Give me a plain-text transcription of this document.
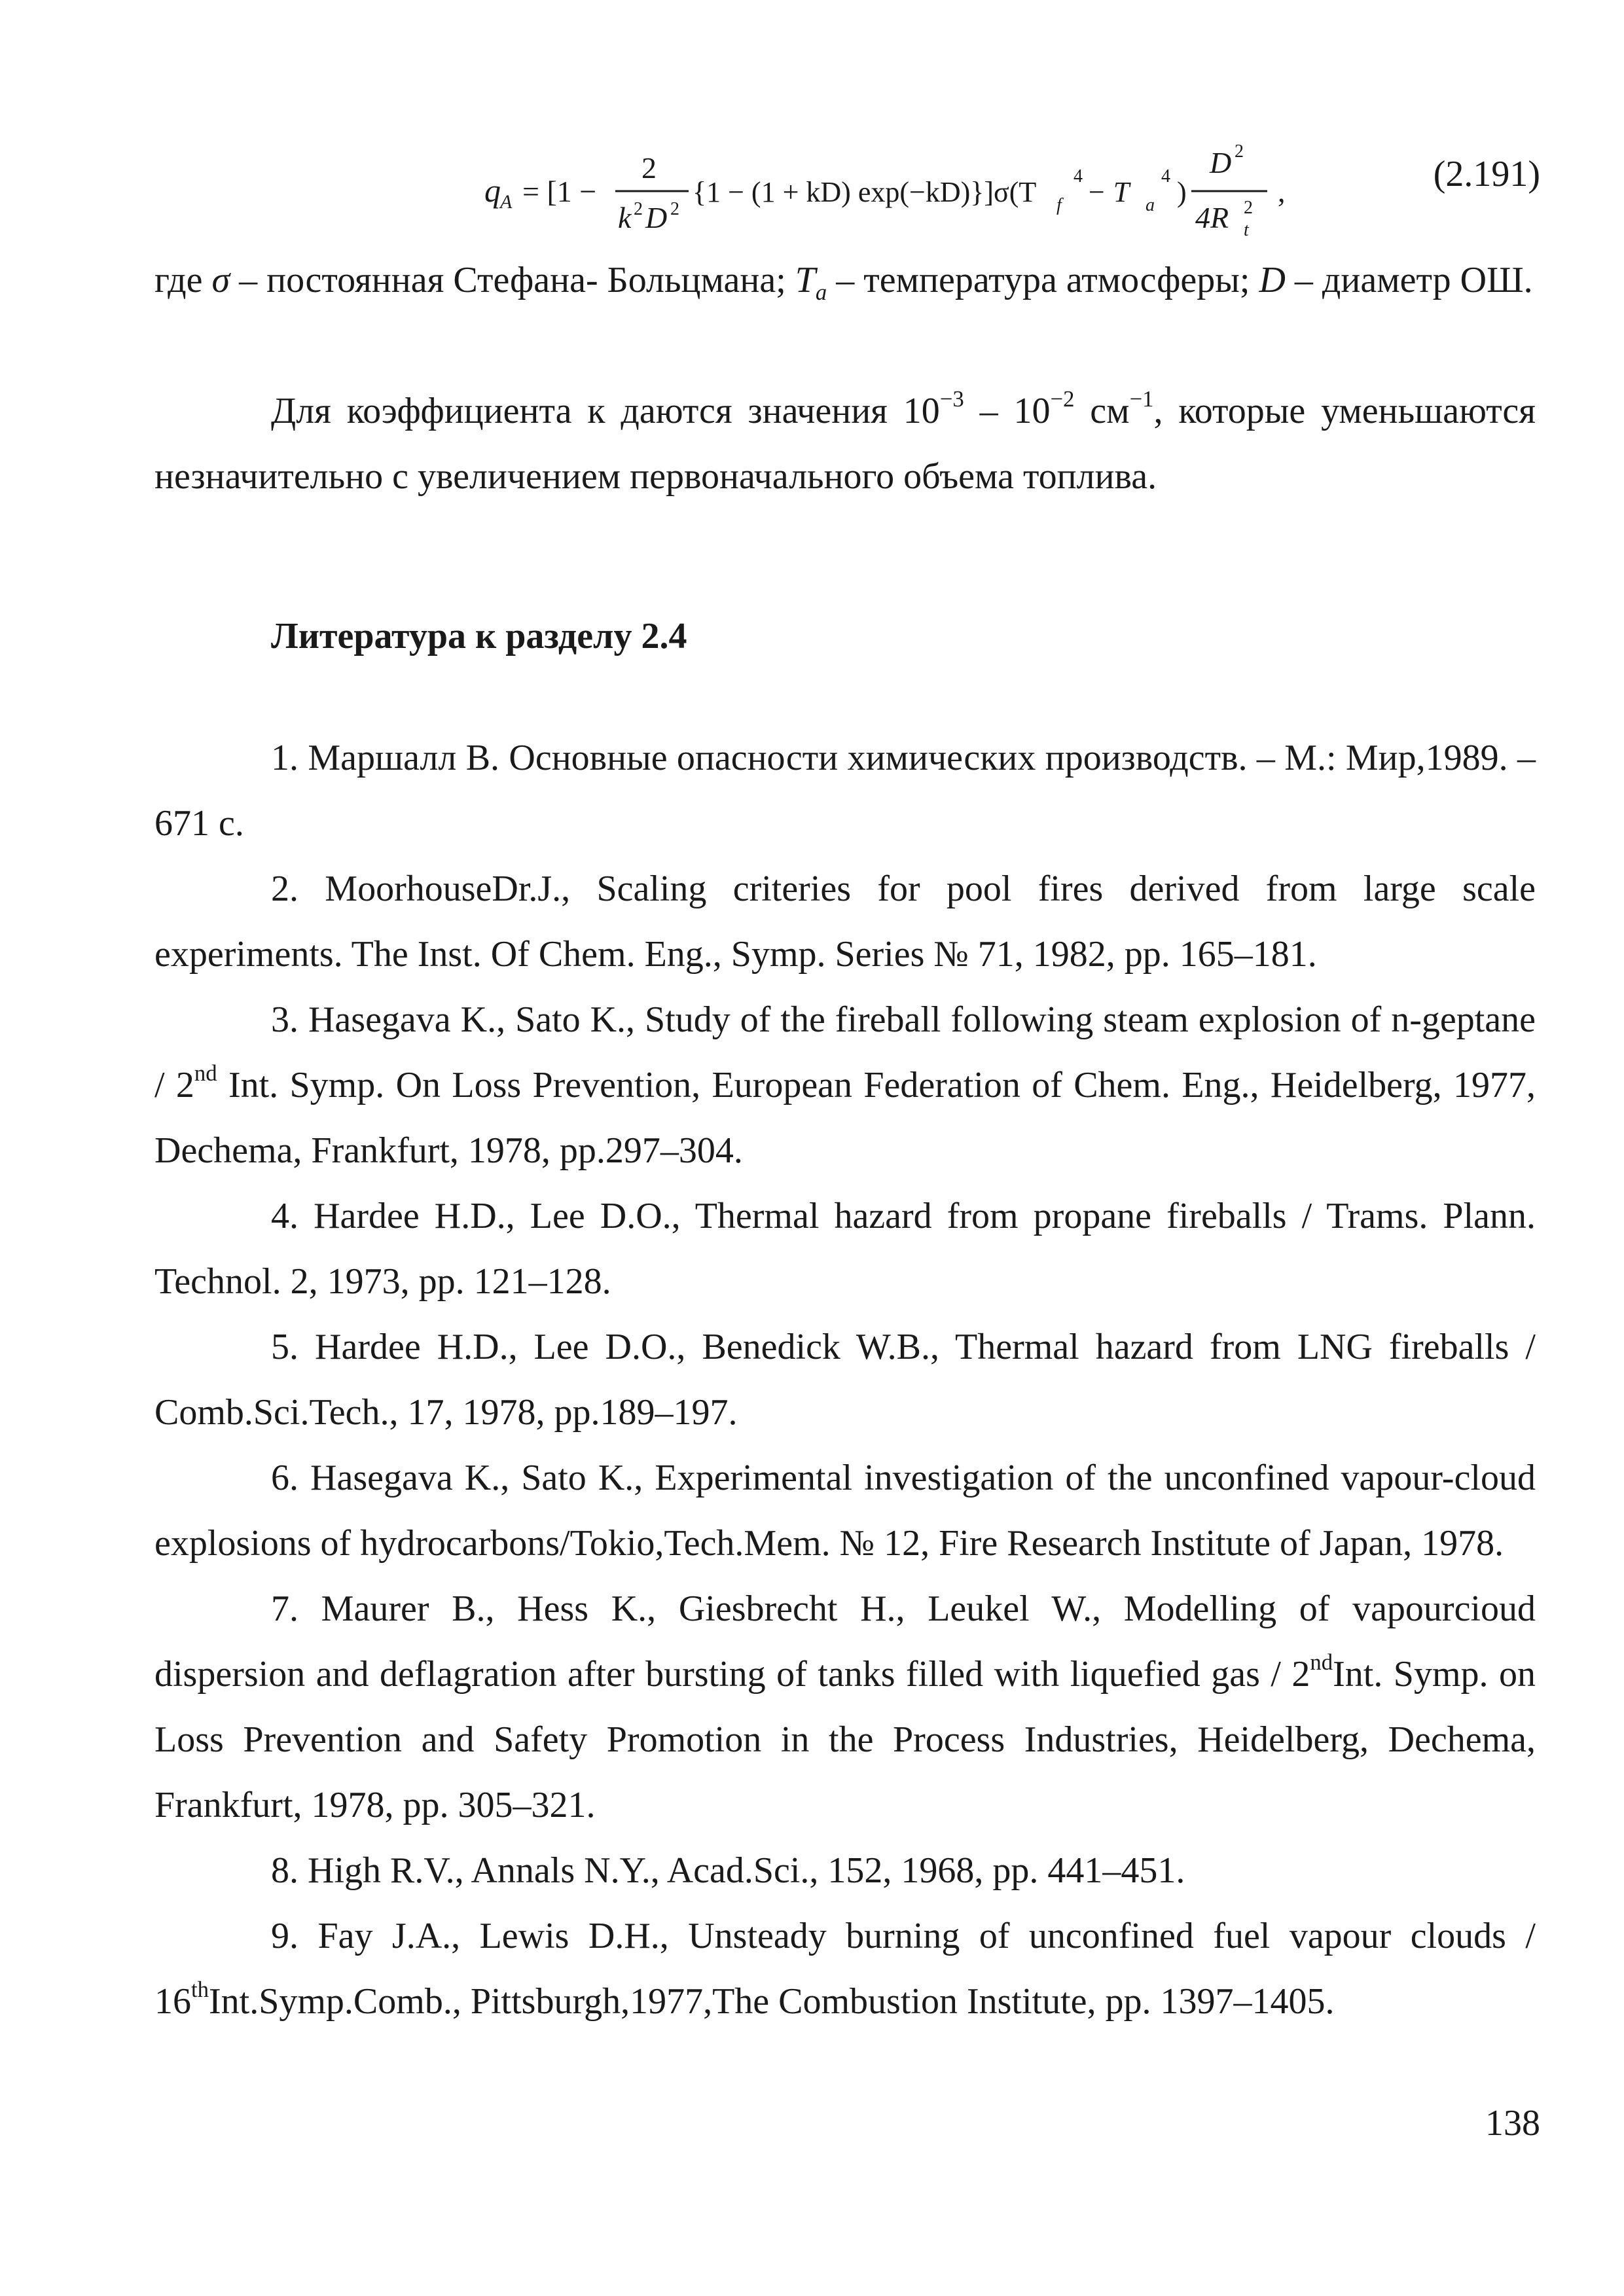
q A = [1 −
2
k 2 D 2
{1 − (1 + kD) exp(−kD)}]σ(T f
4 − T a
4 )
D 2
4R t
2 ,	(2.191)

где σ – постоянная Стефана- Больцмана; $T_a$ – температура атмосферы; D – диаметр ОШ.

Для коэффициента к даются значения $10^{-3} - 10^{-2}$ $см^{-1}$, которые уменьшаются незначительно с увеличением первоначального объема топлива.

Литература к разделу 2.4

1. Маршалл В. Основные опасности химических производств. – М.: Мир,1989. – 671 с.

2. MoorhouseDr.J., Scaling criteries for pool fires derived from large scale experiments. The Inst. Of Chem. Eng., Symp. Series № 71, 1982, pp. 165–181.

3. Hasegava K., Sato K., Study of the fireball following steam explosion of n-geptane / 2nd Int. Symp. On Loss Prevention, European Federation of Chem. Eng., Heidelberg, 1977, Dechema, Frankfurt, 1978, pp.297–304.

4. Hardee H.D., Lee D.O., Thermal hazard from propane fireballs / Trams. Plann. Technol. 2, 1973, pp. 121–128.

5. Hardee H.D., Lee D.O., Benedick W.B., Thermal hazard from LNG fireballs / Comb.Sci.Tech., 17, 1978, pp.189–197.

6. Hasegava K., Sato K., Experimental investigation of the unconfined vapour-cloud explosions of hydrocarbons/Tokio,Tech.Mem. № 12, Fire Research Institute of Japan, 1978.

7. Maurer B., Hess K., Giesbrecht H., Leukel W., Modelling of vapourcioud dispersion and deflagration after bursting of tanks filled with liquefied gas / 2ndInt. Symp. on Loss Prevention and Safety Promotion in the Process Industries, Heidelberg, Dechema, Frankfurt, 1978, pp. 305–321.

8. High R.V., Annals N.Y., Acad.Sci., 152, 1968, pp. 441–451.

9. Fay J.A., Lewis D.H., Unsteady burning of unconfined fuel vapour clouds / 16thInt.Symp.Comb., Pittsburgh,1977,The Combustion Institute, pp. 1397–1405.

138
